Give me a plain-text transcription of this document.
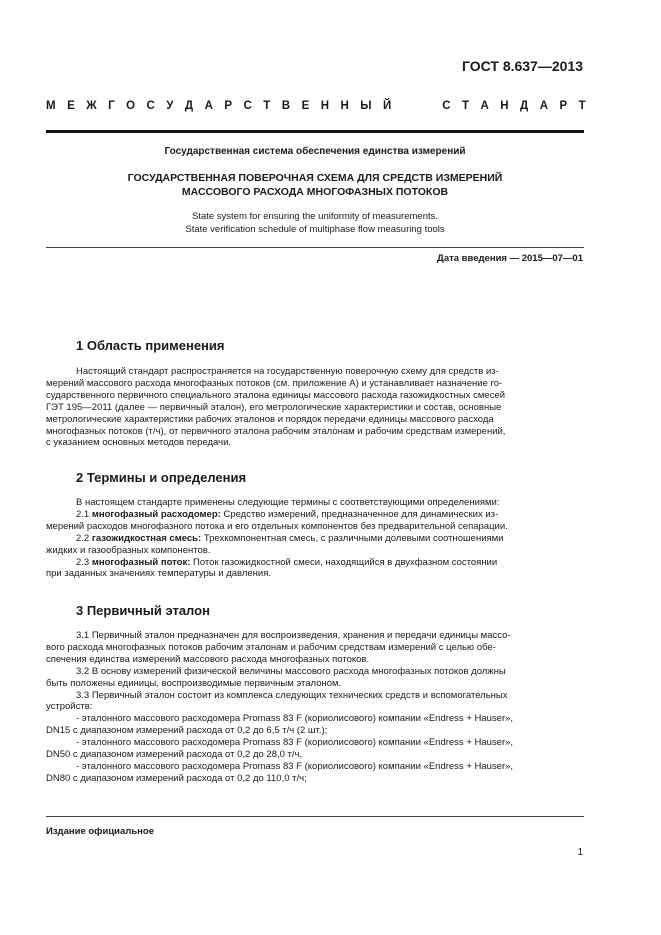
ГОСТ 8.637—2013
М Е Ж Г О С У Д А Р С Т В Е Н Н Ы Й	С Т А Н Д А Р Т

Государственная система обеспечения единства измерений

ГОСУДАРСТВЕННАЯ ПОВЕРОЧНАЯ СХЕМА ДЛЯ СРЕДСТВ ИЗМЕРЕНИЙ
МАССОВОГО РАСХОДА МНОГОФАЗНЫХ ПОТОКОВ

State system for ensuring the uniformity of measurements.
State verification schedule of multiphase flow measuring tools
Дата введения — 2015—07—01
1 Область применения
Настоящий стандарт распространяется на государственную поверочную схему для средств из-
мерений массового расхода многофазных потоков (см. приложение А) и устанавливает назначение го-
сударственного первичного специального эталона единицы массового расхода газожидкостных смесей
ГЭТ 195—2011 (далее — первичный эталон), его метрологические характеристики и состав, основные
метрологические характеристики рабочих эталонов и порядок передачи единицы массового расхода
многофазных потоков (т/ч), от первичного эталона рабочим эталонам и рабочим средствам измерений,
с указанием основных методов передачи.
2 Термины и определения
В настоящем стандарте применены следующие термины с соответствующими определениями:
2.1 многофазный расходомер: Средство измерений, предназначенное для динамических из-
мерений расходов многофазного потока и его отдельных компонентов без предварительной сепарации.
2.2 газожидкостная смесь: Трехкомпонентная смесь, с различными долевыми соотношениями
жидких и газообразных компонентов.
2.3 многофазный поток: Поток газожидкостной смеси, находящийся в двухфазном состоянии
при заданных значениях температуры и давления.
3 Первичный эталон
3.1 Первичный эталон предназначен для воспроизведения, хранения и передачи единицы массо-
вого расхода многофазных потоков рабочим эталонам и рабочим средствам измерений с целью обе-
спечения единства измерений массового расхода многофазных потоков.
3.2 В основу измерений физической величины массового расхода многофазных потоков должны
быть положены единицы, воспроизводимые первичным эталоном.
3.3 Первичный эталон состоит из комплекса следующих технических средств и вспомогательных
устройств:
- эталонного массового расходомера Promass 83 F (кориолисового) компании «Endress + Hauser»,
DN15 с диапазоном измерений расхода от 0,2 до 6,5 т/ч (2 шт.);
- эталонного массового расходомера Promass 83 F (кориолисового) компании «Endress + Hauser»,
DN50 с диапазоном измерений расхода от 0,2 до 28,0 т/ч,
- эталонного массового расходомера Promass 83 F (кориолисового) компании «Endress + Hauser»,
DN80 с диапазоном измерений расхода от 0,2 до 110,0 т/ч;
Издание официальное
1
